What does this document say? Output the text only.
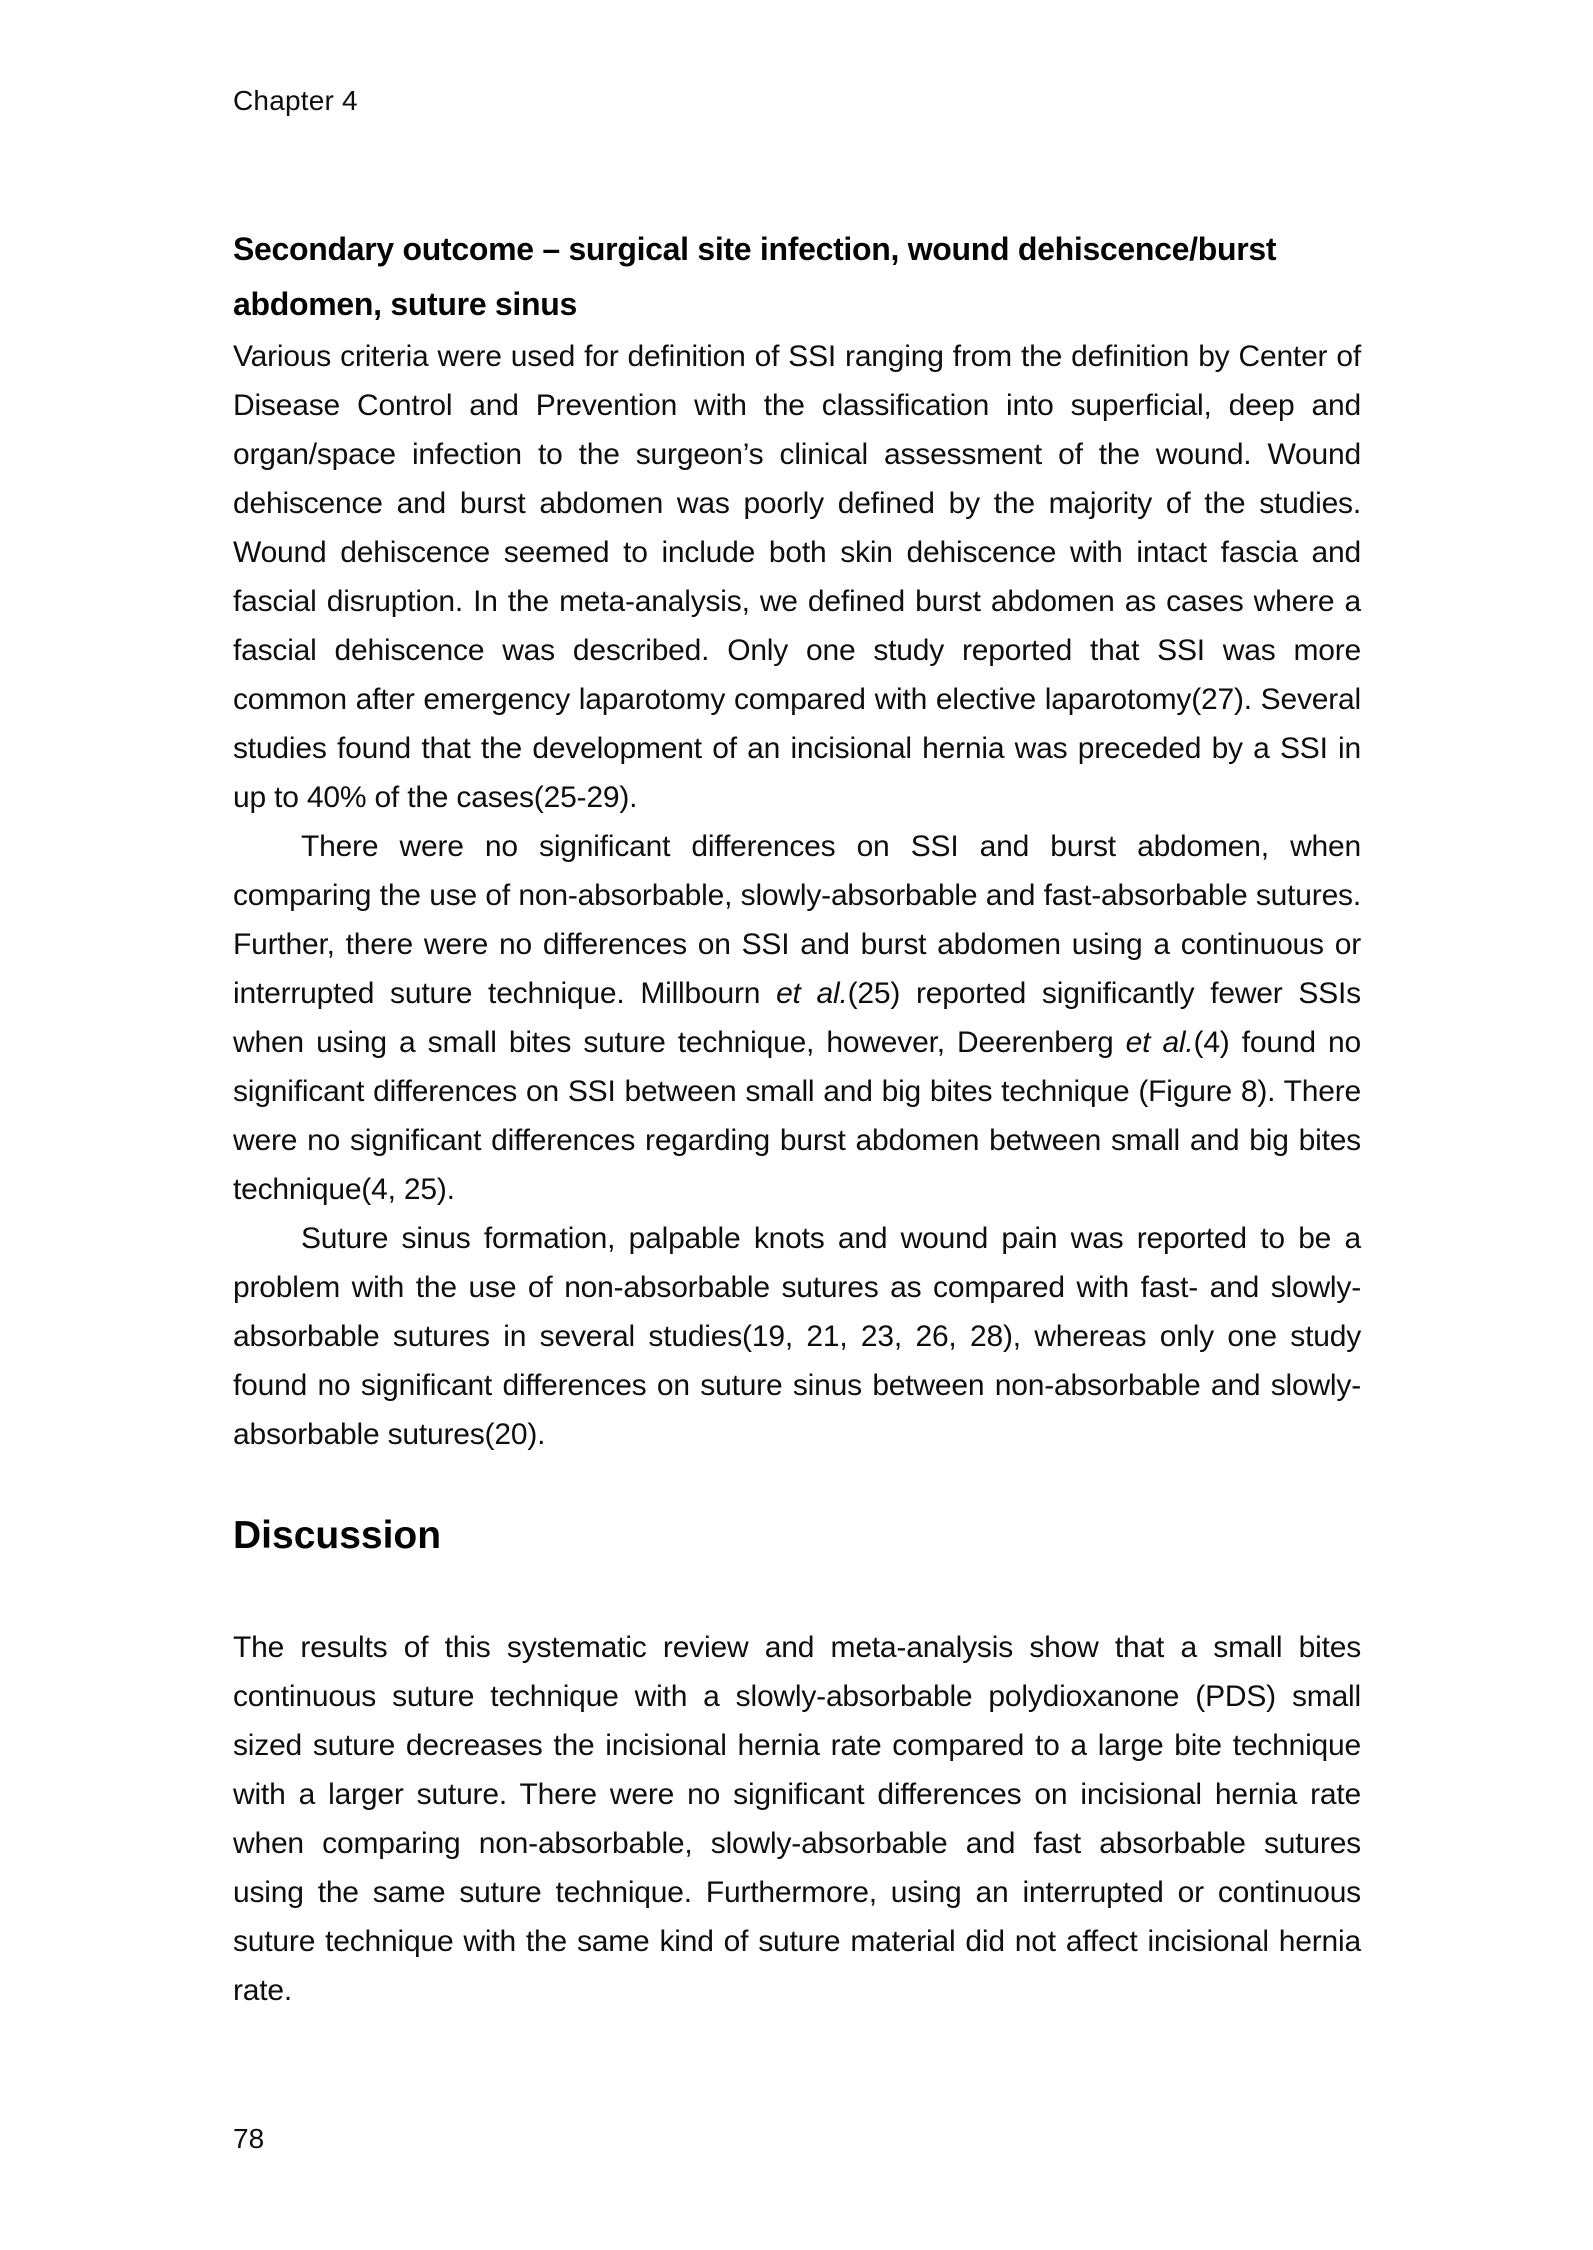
Chapter 4
Secondary outcome – surgical site infection, wound dehiscence/burst abdomen, suture sinus

Various criteria were used for definition of SSI ranging from the definition by Center of Disease Control and Prevention with the classification into superficial, deep and organ/space infection to the surgeon’s clinical assessment of the wound. Wound dehiscence and burst abdomen was poorly defined by the majority of the studies. Wound dehiscence seemed to include both skin dehiscence with intact fascia and fascial disruption. In the meta-analysis, we defined burst abdomen as cases where a fascial dehiscence was described. Only one study reported that SSI was more common after emergency laparotomy compared with elective laparotomy(27). Several studies found that the development of an incisional hernia was preceded by a SSI in up to 40% of the cases(25-29).

There were no significant differences on SSI and burst abdomen, when comparing the use of non-absorbable, slowly-absorbable and fast-absorbable sutures. Further, there were no differences on SSI and burst abdomen using a continuous or interrupted suture technique. Millbourn et al.(25) reported significantly fewer SSIs when using a small bites suture technique, however, Deerenberg et al.(4) found no significant differences on SSI between small and big bites technique (Figure 8). There were no significant differences regarding burst abdomen between small and big bites technique(4, 25).

Suture sinus formation, palpable knots and wound pain was reported to be a problem with the use of non-absorbable sutures as compared with fast- and slowly-absorbable sutures in several studies(19, 21, 23, 26, 28), whereas only one study found no significant differences on suture sinus between non-absorbable and slowly-absorbable sutures(20).

Discussion

The results of this systematic review and meta-analysis show that a small bites continuous suture technique with a slowly-absorbable polydioxanone (PDS) small sized suture decreases the incisional hernia rate compared to a large bite technique with a larger suture. There were no significant differences on incisional hernia rate when comparing non-absorbable, slowly-absorbable and fast absorbable sutures using the same suture technique. Furthermore, using an interrupted or continuous suture technique with the same kind of suture material did not affect incisional hernia rate.

78
